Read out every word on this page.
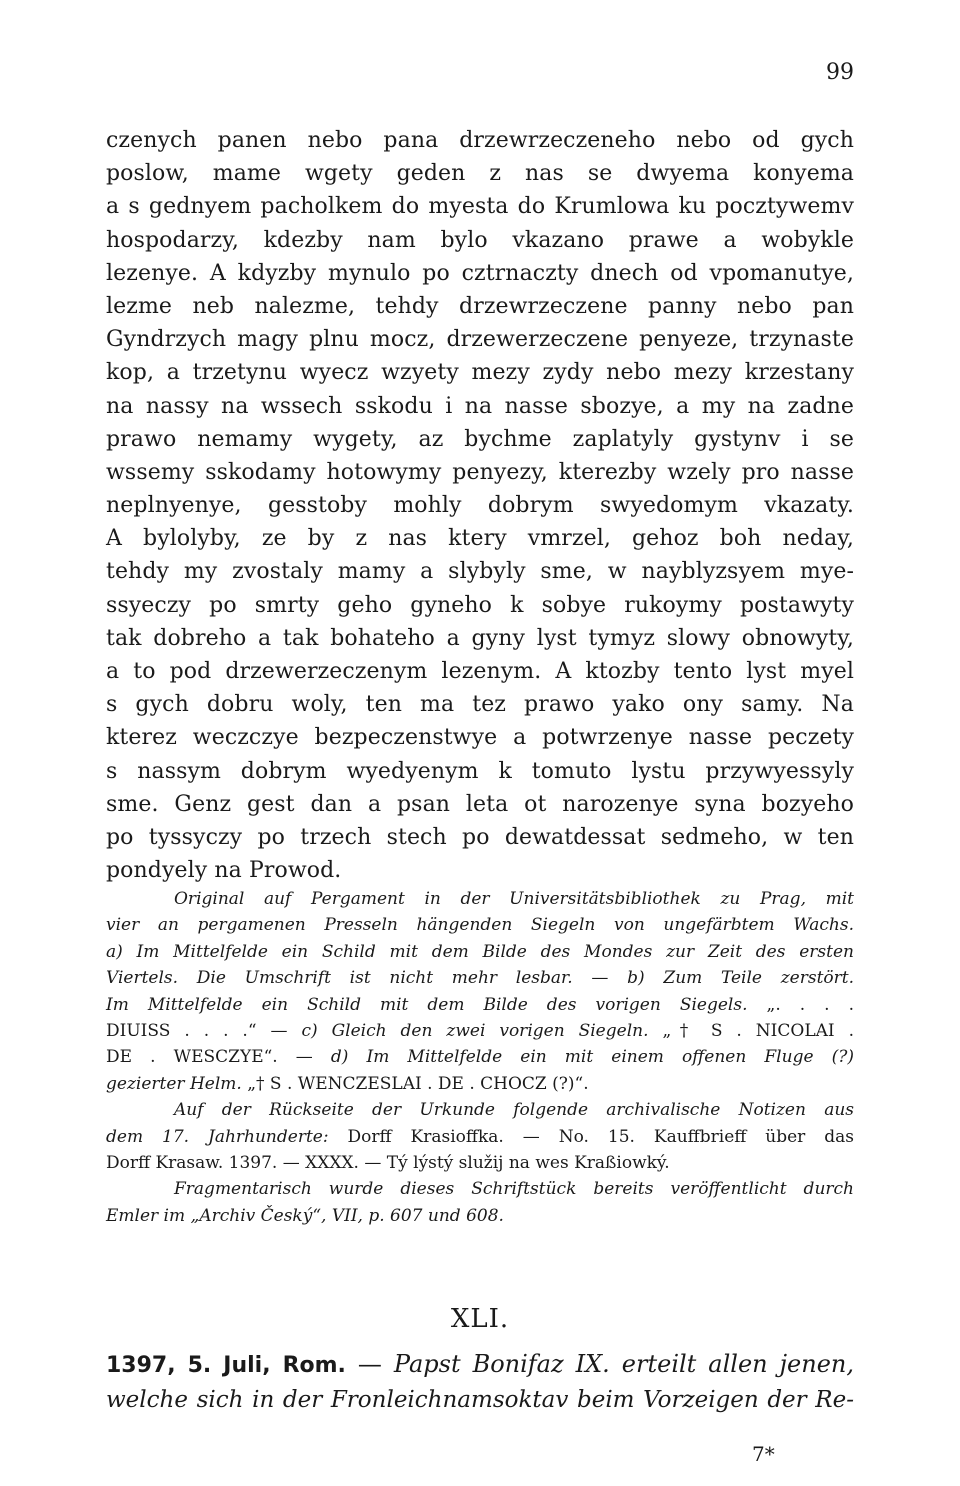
99
czenych panen nebo pana drzewrzeczeneho nebo od gych
poslow, mame wgety geden z nas se dwyema konyema
a s gednyem pacholkem do myesta do Krumlowa ku pocztywemv
hospodarzy, kdezby nam bylo vkazano prawe a wobykle
lezenye. A kdyzby mynulo po cztrnaczty dnech od vpomanutye,
lezme neb nalezme, tehdy drzewrzeczene panny nebo pan
Gyndrzych magy plnu mocz, drzewerzeczene penyeze, trzynaste
kop, a trzetynu wyecz wzyety mezy zydy nebo mezy krzestany
na nassy na wssech sskodu i na nasse sbozye, a my na zadne
prawo nemamy wygety, az bychme zaplatyly gystynv i se
wssemy sskodamy hotowymy penyezy, kterezby wzely pro nasse
neplnyenye, gesstoby mohly dobrym swyedomym vkazaty.
A bylolyby, ze by z nas ktery vmrzel, gehoz boh neday,
tehdy my zvostaly mamy a slybyly sme, w nayblyzsyem mye-
ssyeczy po smrty geho gyneho k sobye rukoymy postawyty
tak dobreho a tak bohateho a gyny lyst tymyz slowy obnowyty,
a to pod drzewerzeczenym lezenym. A ktozby tento lyst myel
s gych dobru woly, ten ma tez prawo yako ony samy. Na
kterez weczczye bezpeczenstwye a potwrzenye nasse peczety
s nassym dobrym wyedyenym k tomuto lystu przywyessyly
sme. Genz gest dan a psan leta ot narozenye syna bozyeho
po tyssyczy po trzech stech po dewatdessat sedmeho, w ten
pondyely na Prowod.
Original auf Pergament in der Universitätsbibliothek zu Prag, mit
vier an pergamenen Presseln hängenden Siegeln von ungefärbtem Wachs.
a) Im Mittelfelde ein Schild mit dem Bilde des Mondes zur Zeit des ersten
Viertels. Die Umschrift ist nicht mehr lesbar. — b) Zum Teile zerstört.
Im Mittelfelde ein Schild mit dem Bilde des vorigen Siegels. „. . . .
DIUISS . . . .“ — c) Gleich den zwei vorigen Siegeln. „† S . NICOLAI .
DE . WESCZYE“. — d) Im Mittelfelde ein mit einem offenen Fluge (?)
gezierter Helm. „† S . WENCZESLAI . DE . CHOCZ (?)“.
Auf der Rückseite der Urkunde folgende archivalische Notizen aus
dem 17. Jahrhunderte: Dorff Krasioffka. — No. 15. Kauffbrieff über das
Dorff Krasaw. 1397. — XXXX. — Tý lýstý služij na wes Kraßiowký.
Fragmentarisch wurde dieses Schriftstück bereits veröffentlicht durch
Emler im „Archiv Český“, VII, p. 607 und 608.
XLI.
1397, 5. Juli, Rom. — Papst Bonifaz IX. erteilt allen jenen,
welche sich in der Fronleichnamsoktav beim Vorzeigen der Re-
7*
